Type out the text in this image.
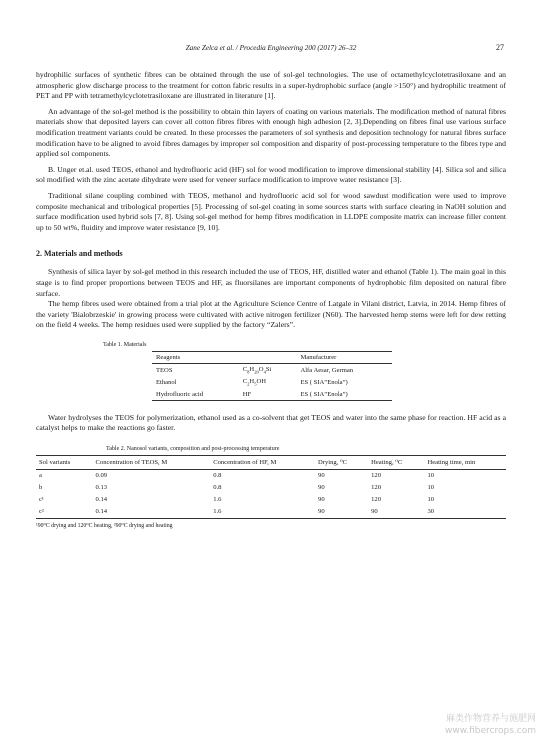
Zane Zelca et al. / Procedia Engineering 200 (2017) 26–32	27

hydrophilic surfaces of synthetic fibres can be obtained through the use of sol-gel technologies. The use of octamethylcyclotetrasiloxane and an atmospheric glow discharge process to the treatment for cotton fabric results in a super-hydrophobic surface (angle >150°) and hydrophilic treatment of PET and PP with tetramethylcyclotetrasiloxane are illustrated in literature [1].

An advantage of the sol-gel method is the possibility to obtain thin layers of coating on various materials. The modification method of natural fibres materials show that deposited layers can cover all cotton fibres fibres with enough high adhesion [2, 3].Depending on fibres final use various surface modification treatment variants could be created. In these processes the parameters of sol synthesis and deposition technology for natural fibres surface modification have to be aligned to avoid fibres damages by improper sol composition and disparity of post-processing temperature to the fibres type and applied sol components.

B. Unger et.al. used TEOS, ethanol and hydrofluoric acid (HF) sol for wood modification to improve dimensional stability [4]. Silica sol and silica sol modified with the zinc acetate dihydrate were used for veneer surface modification to improve water resistance [3].

Traditional silane coupling combined with TEOS, methanol and hydrofluoric acid sol for wood sawdust modification were used to improve composite mechanical and tribological properties [5]. Processing of sol-gel coating in some sources starts with surface clearing in NaOH solution and surface modification used hybrid sols [7, 8]. Using sol-gel method for hemp fibres modification in LLDPE composite matrix can increase filler content up to 50 wt%, fluidity and improve water resistance [9, 10].

2. Materials and methods

Synthesis of silica layer by sol-gel method in this research included the use of TEOS, HF, distilled water and ethanol (Table 1). The main goal in this stage is to find proper proportions between TEOS and HF, as fluorsilanes are important components of hydrophobic film deposited on natural fibre surface.

The hemp fibres used were obtained from a trial plot at the Agriculture Science Centre of Latgale in Vilani district, Latvia, in 2014. Hemp fibres of the variety 'Bialobrzeskie' in growing process were cultivated with active nitrogen fertilizer (N60). The harvested hemp stems were left for dew retting on the field 4 weeks. The hemp residues used were supplied by the factory “Zalers”.

Table 1. Materials
Reagents		Manufacturer
TEOS	$C_8H_{20}O_4Si$	Alfa Aesar, German
Ethanol	$C_2H_5OH$	ES ( SIA”Enola”)
Hydrofluoric acid	HF	ES ( SIA”Enola”)

Water hydrolyses the TEOS for polymerization, ethanol used as a co-solvent that get TEOS and water into the same phase for reaction. HF acid as a catalyst helps to make the reactions go faster.

Table 2. Nanosol variants, composition and post-processing temperature
Sol variants	Concentration of TEOS, M	Concentration of HF, M	Drying, ⁰C	Heating, ⁰C	Heating time, min
a	0.09	0.8	90	120	10
b	0.13	0.8	90	120	10
c¹	0.14	1.6	90	120	10
c²	0.14	1.6	90	90	30
¹90⁰C drying and 120⁰C heating, ²90⁰C drying and heating
麻类作物营养与施肥网
www.fibercrops.com
